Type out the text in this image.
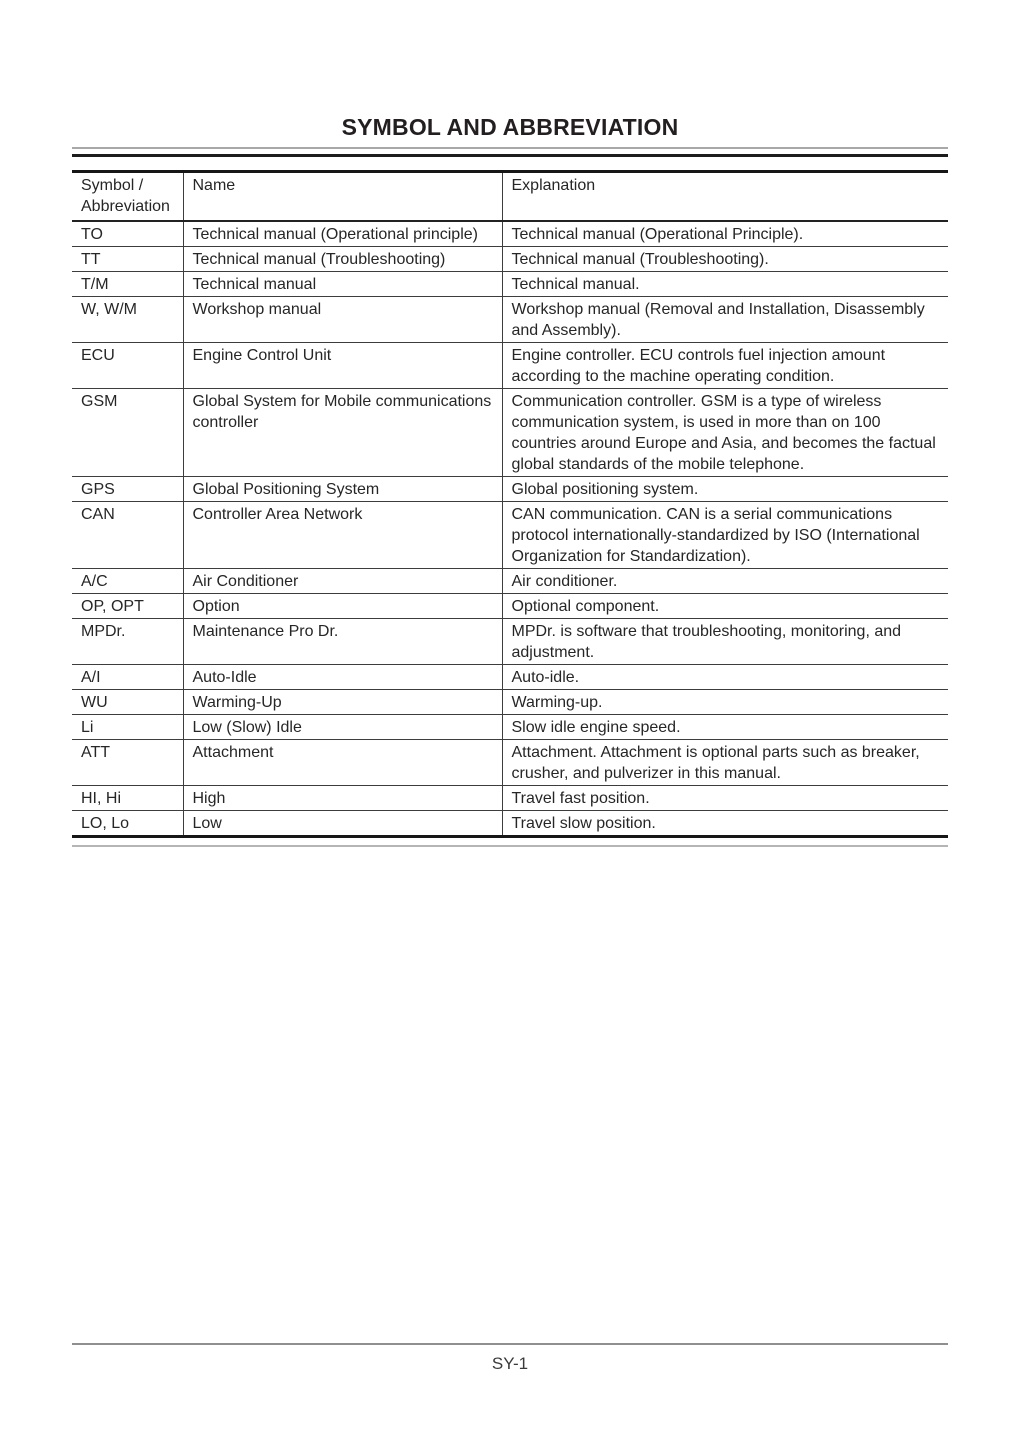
SYMBOL AND ABBREVIATION
Symbol / Abbreviation	Name	Explanation
TO	Technical manual (Operational principle)	Technical manual (Operational Principle).
TT	Technical manual (Troubleshooting)	Technical manual (Troubleshooting).
T/M	Technical manual	Technical manual.
W, W/M	Workshop manual	Workshop manual (Removal and Installation, Disassembly and Assembly).
ECU	Engine Control Unit	Engine controller. ECU controls fuel injection amount according to the machine operating condition.
GSM	Global System for Mobile communications controller	Communication controller. GSM is a type of wireless communication system, is used in more than on 100 countries around Europe and Asia, and becomes the factual global standards of the mobile telephone.
GPS	Global Positioning System	Global positioning system.
CAN	Controller Area Network	CAN communication. CAN is a serial communications protocol internationally-standardized by ISO (International Organization for Standardization).
A/C	Air Conditioner	Air conditioner.
OP, OPT	Option	Optional component.
MPDr.	Maintenance Pro Dr.	MPDr. is software that troubleshooting, monitoring, and adjustment.
A/I	Auto-Idle	Auto-idle.
WU	Warming-Up	Warming-up.
Li	Low (Slow) Idle	Slow idle engine speed.
ATT	Attachment	Attachment. Attachment is optional parts such as breaker, crusher, and pulverizer in this manual.
HI, Hi	High	Travel fast position.
LO, Lo	Low	Travel slow position.
SY-1
